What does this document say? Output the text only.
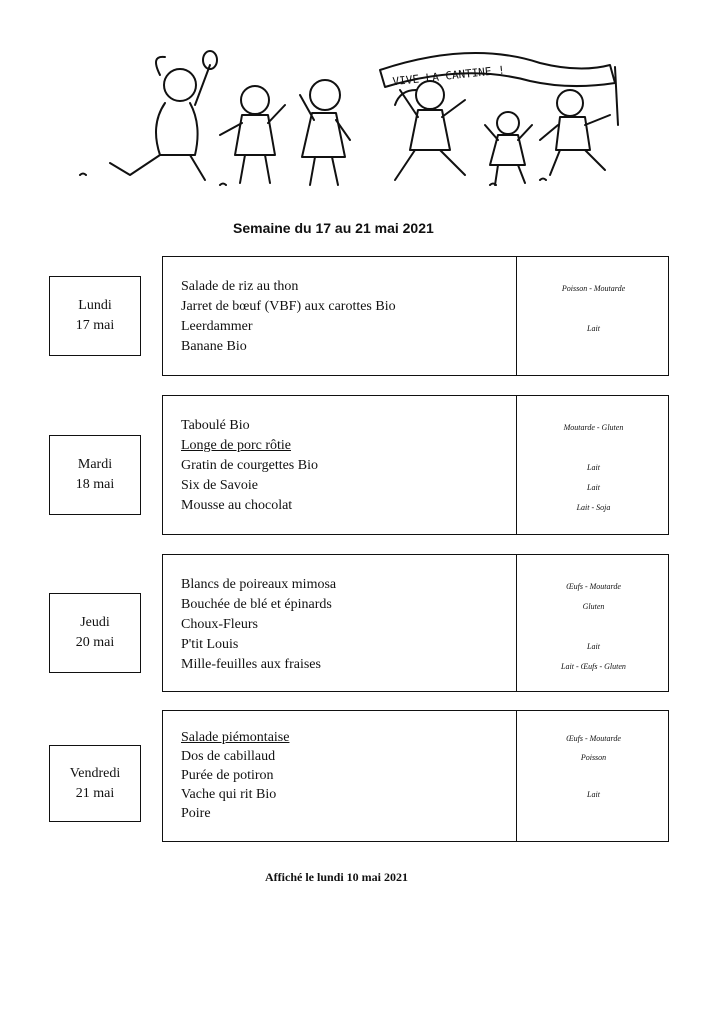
VIVE LA CANTINE !
Semaine du 17 au 21 mai 2021
Lundi
17 mai
Salade de riz au thon
Jarret de bœuf (VBF) aux carottes Bio
Leerdammer
Banane Bio
Poisson - Moutarde
Lait
Mardi
18 mai
Taboulé Bio
Longe de porc rôtie
Gratin de courgettes Bio
Six de Savoie
Mousse au chocolat
Moutarde - Gluten
Lait
Lait
Lait - Soja
Jeudi
20 mai
Blancs de poireaux mimosa
Bouchée de blé et épinards
Choux-Fleurs
P'tit Louis
Mille-feuilles aux fraises
Œufs - Moutarde
Gluten
Lait
Lait - Œufs - Gluten
Vendredi
21 mai
Salade piémontaise
Dos de cabillaud
Purée de potiron
Vache qui rit Bio
Poire
Œufs - Moutarde
Poisson
Lait
Affiché le lundi 10 mai 2021
